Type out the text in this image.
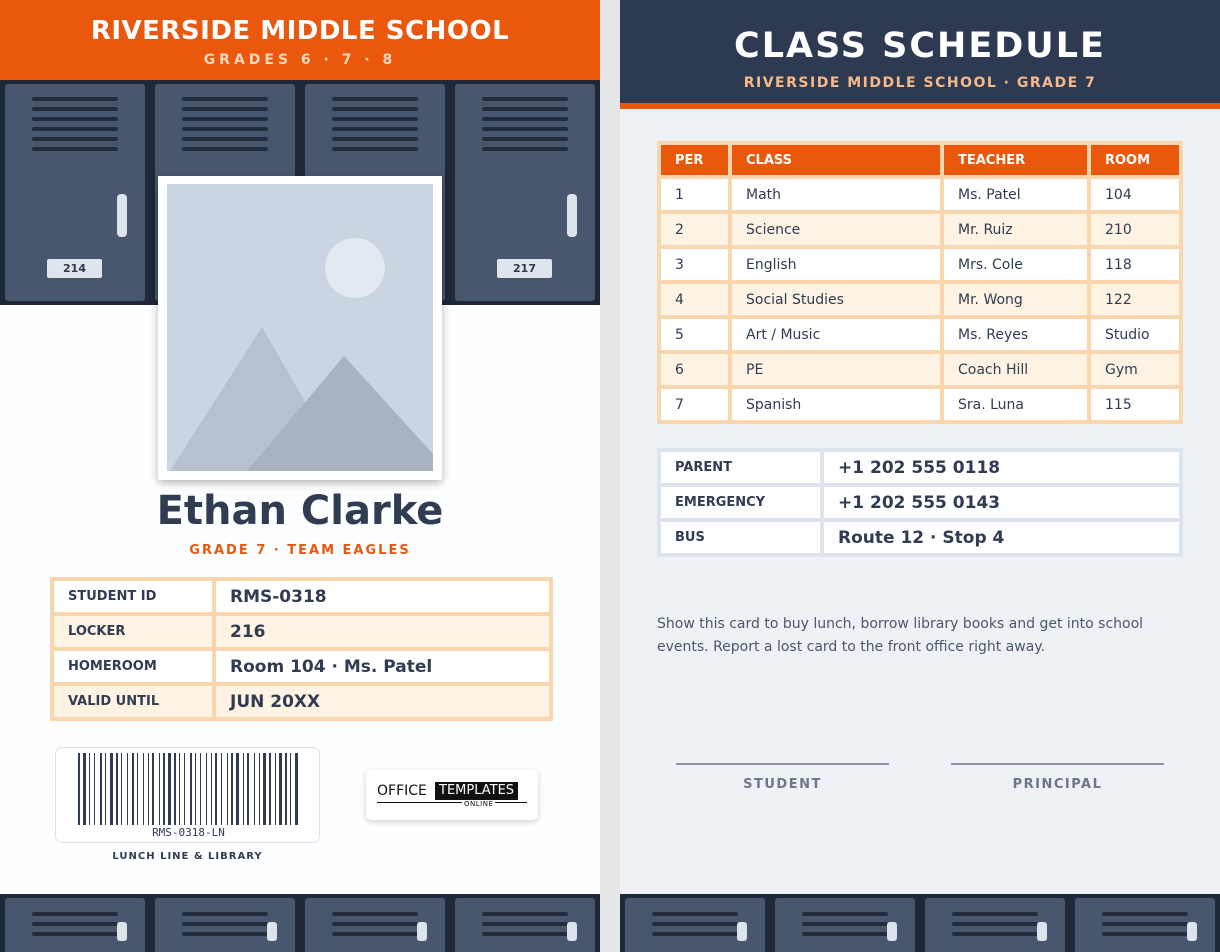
RIVERSIDE MIDDLE SCHOOL
GRADES 6 · 7 · 8
214	217
Ethan Clarke
GRADE 7 · TEAM EAGLES
STUDENT ID	RMS-0318
LOCKER	216
HOMEROOM	Room 104 · Ms. Patel
VALID UNTIL	JUN 20XX
RMS-0318-LN
LUNCH LINE & LIBRARY
OFFICE TEMPLATES
ONLINE
CLASS SCHEDULE
RIVERSIDE MIDDLE SCHOOL · GRADE 7
PER	CLASS	TEACHER	ROOM
1	Math	Ms. Patel	104
2	Science	Mr. Ruiz	210
3	English	Mrs. Cole	118
4	Social Studies	Mr. Wong	122
5	Art / Music	Ms. Reyes	Studio
6	PE	Coach Hill	Gym
7	Spanish	Sra. Luna	115
PARENT	+1 202 555 0118
EMERGENCY	+1 202 555 0143
BUS	Route 12 · Stop 4
Show this card to buy lunch, borrow library books and get into school events. Report a lost card to the front office right away.
STUDENT	PRINCIPAL
